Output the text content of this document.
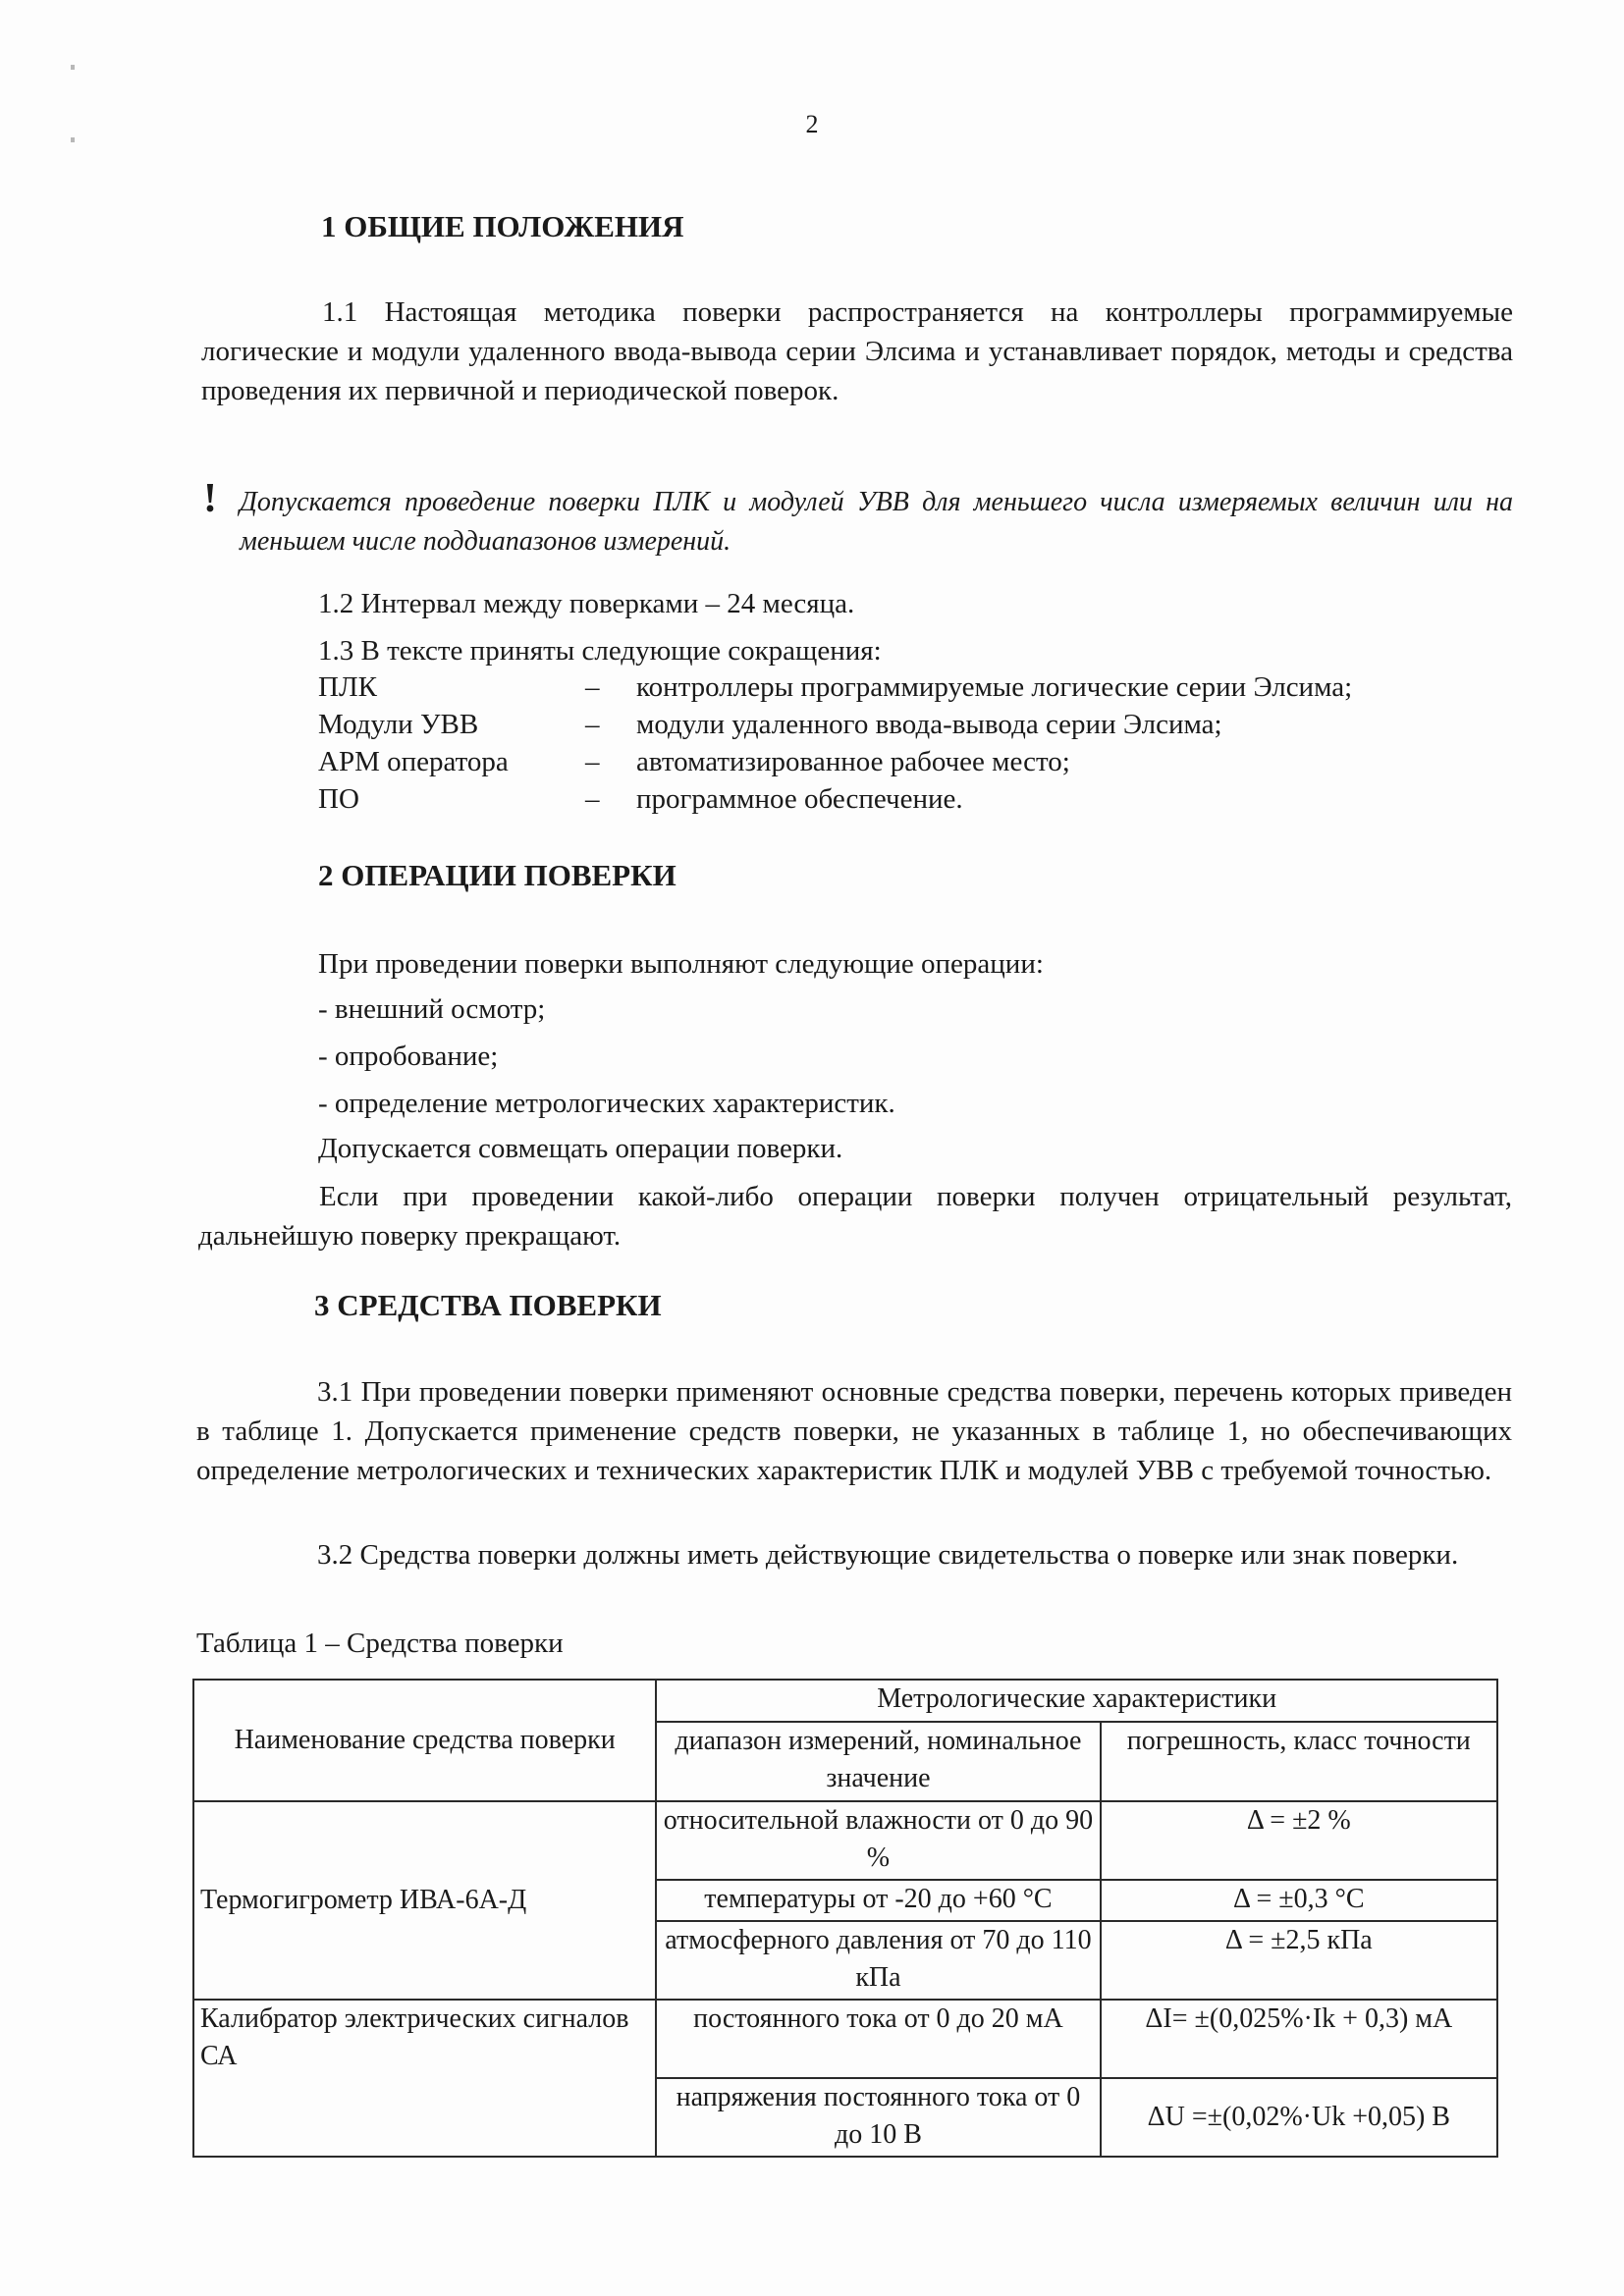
2
1 ОБЩИЕ ПОЛОЖЕНИЯ
1.1 Настоящая методика поверки распространяется на контроллеры программируемые логические и модули удаленного ввода-вывода серии Элсима и устанавливает порядок, методы и средства проведения их первичной и периодической поверок.
! Допускается проведение поверки ПЛК и модулей УВВ для меньшего числа измеряемых величин или на меньшем числе поддиапазонов измерений.
1.2 Интервал между поверками – 24 месяца.
1.3 В тексте приняты следующие сокращения:
ПЛК	–	контроллеры программируемые логические серии Элсима;
Модули УВВ	–	модули удаленного ввода-вывода серии Элсима;
АРМ оператора	–	автоматизированное рабочее место;
ПО	–	программное обеспечение.
2 ОПЕРАЦИИ ПОВЕРКИ
При проведении поверки выполняют следующие операции:
- внешний осмотр;
- опробование;
- определение метрологических характеристик.
Допускается совмещать операции поверки.
Если при проведении какой-либо операции поверки получен отрицательный результат, дальнейшую поверку прекращают.
3 СРЕДСТВА ПОВЕРКИ
3.1 При проведении поверки применяют основные средства поверки, перечень которых приведен в таблице 1. Допускается применение средств поверки, не указанных в таблице 1, но обеспечивающих определение метрологических и технических характеристик ПЛК и модулей УВВ с требуемой точностью.
3.2 Средства поверки должны иметь действующие свидетельства о поверке или знак поверки.
Таблица 1 – Средства поверки
Наименование средства поверки	Метрологические характеристики	
	диапазон измерений, номинальное значение	погрешность, класс точности
Термогигрометр ИВА-6А-Д	относительной влажности от 0 до 90 %	Δ = ±2 %
	температуры от -20 до +60 °С	Δ = ±0,3 °С
	атмосферного давления от 70 до 110 кПа	Δ = ±2,5 кПа
Калибратор электрических сигналов СА	постоянного тока от 0 до 20 мА	ΔI= ±(0,025%·Ik + 0,3) мА
	напряжения постоянного тока от 0 до 10 В	ΔU =±(0,02%·Uk +0,05) В
